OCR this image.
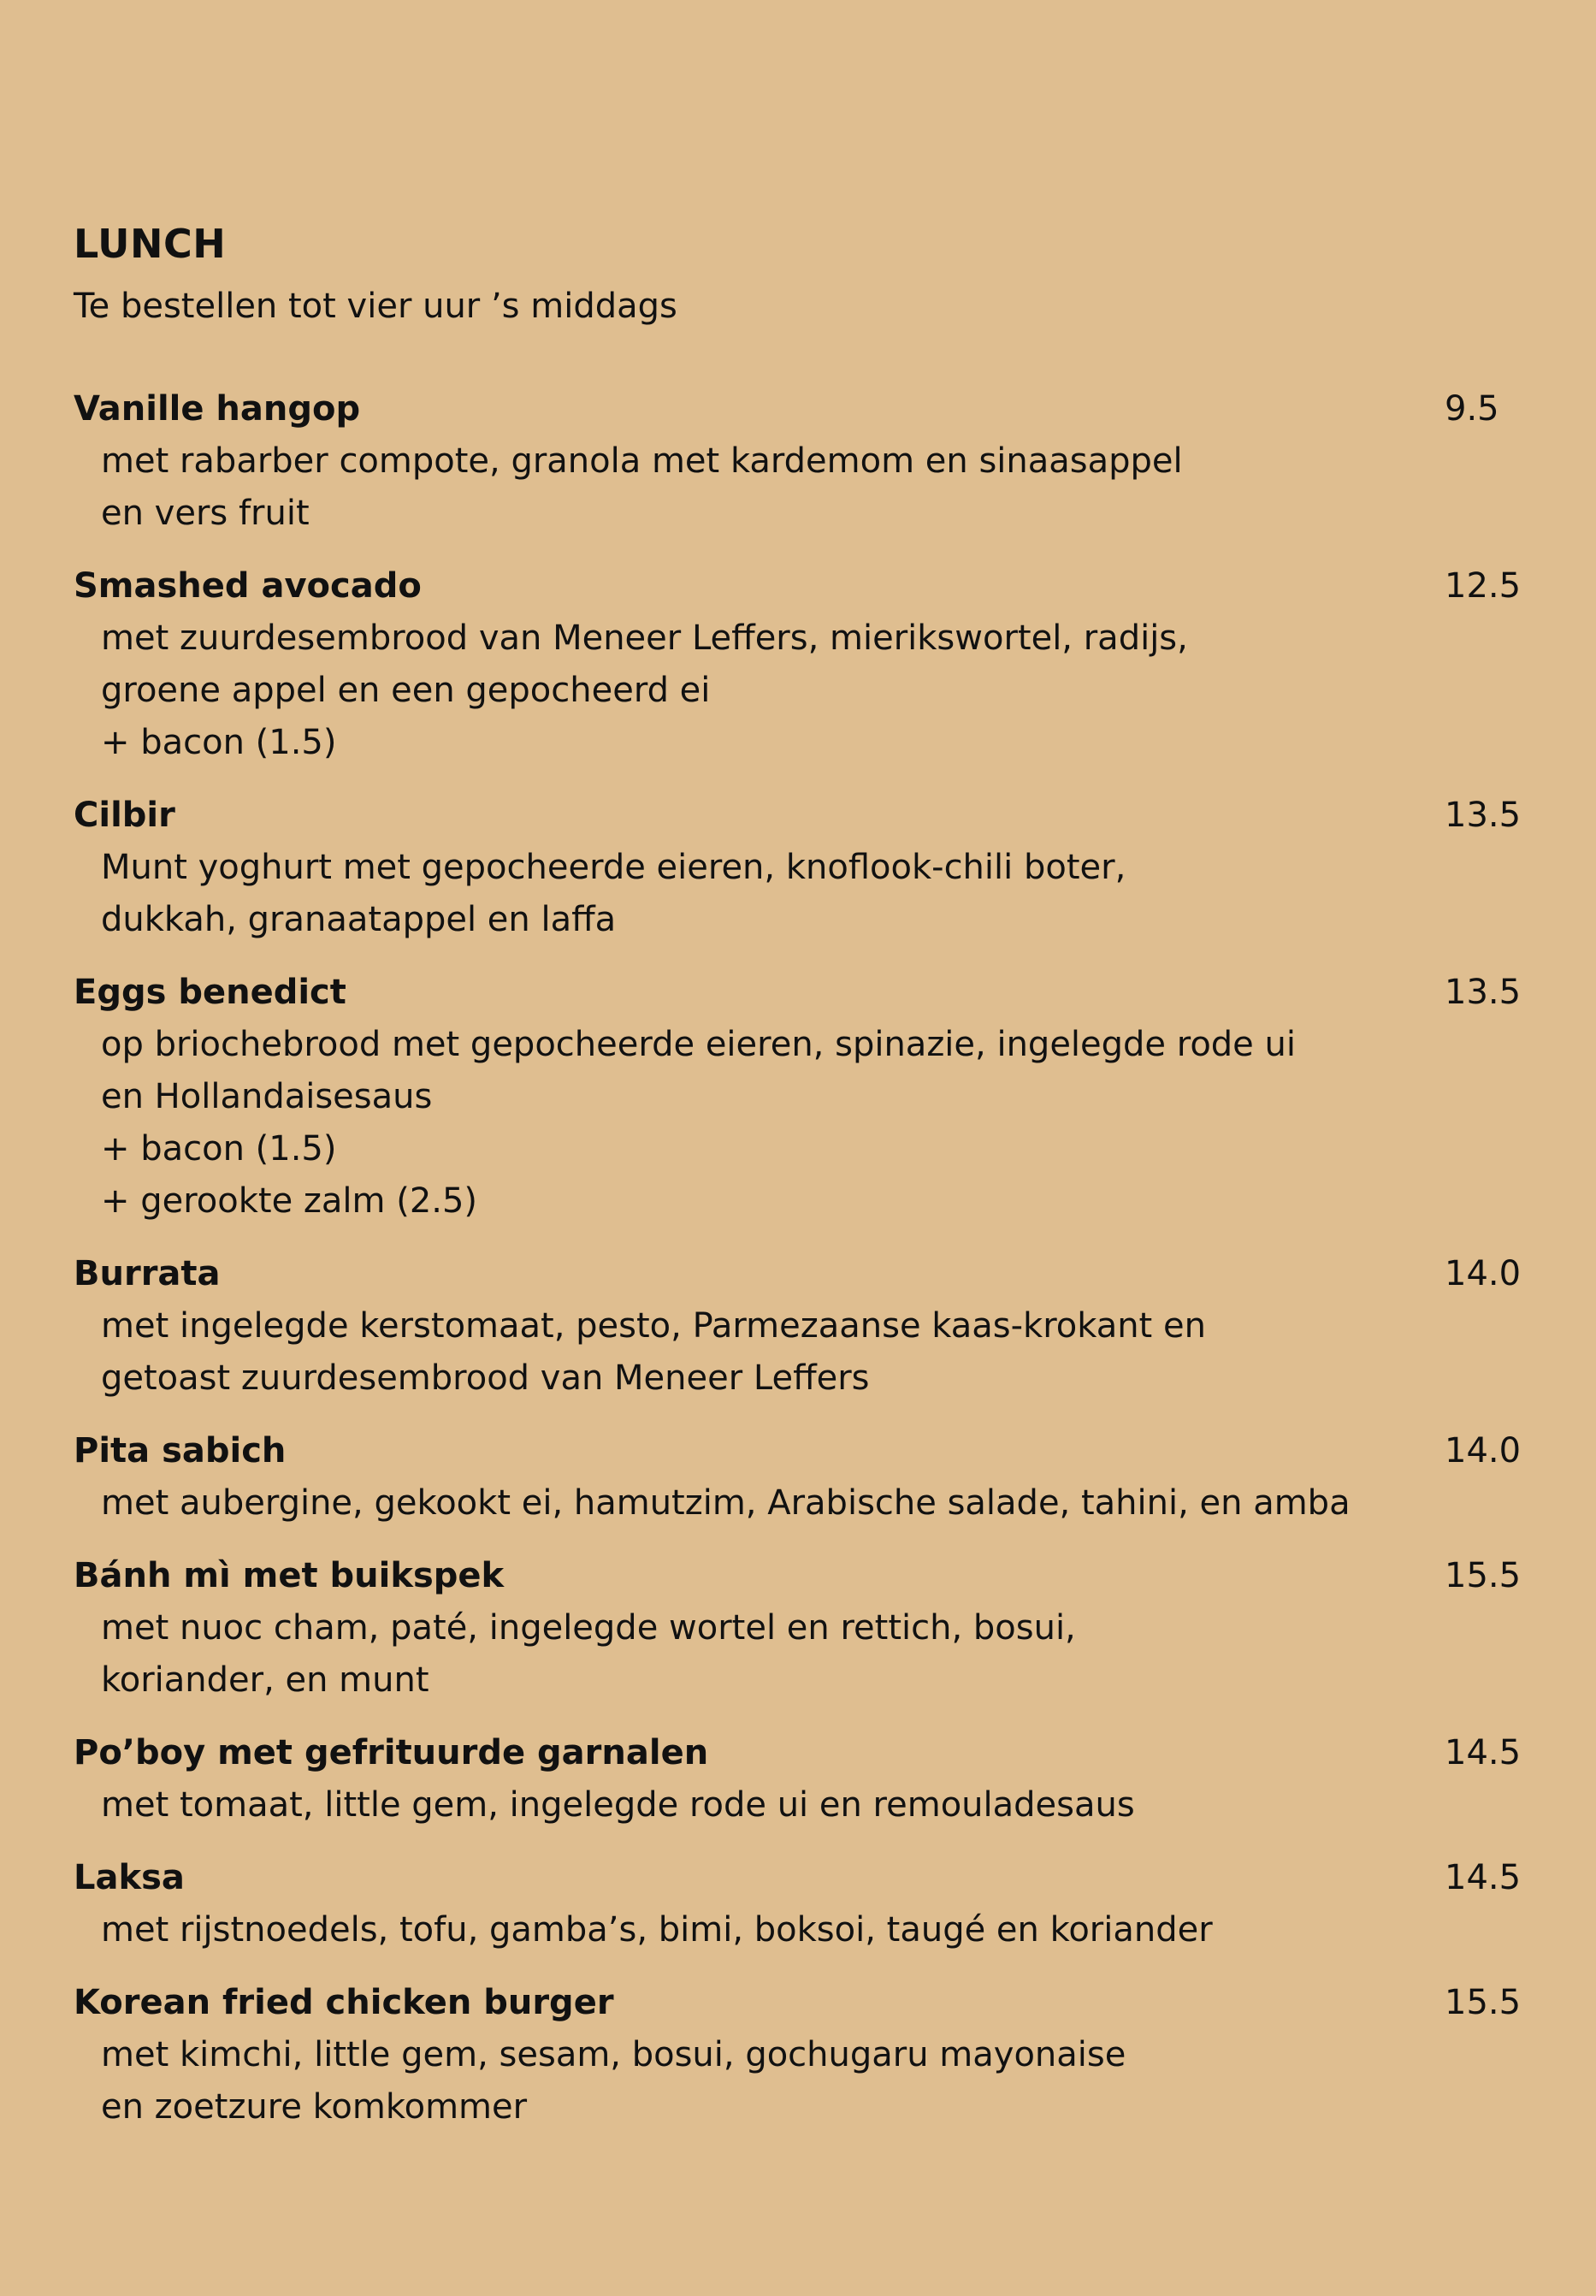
LUNCH
Te bestellen tot vier uur ’s middags
Vanille hangop	9.5
met rabarber compote, granola met kardemom en sinaasappel
en vers fruit
Smashed avocado	12.5
met zuurdesembrood van Meneer Leffers, mierikswortel, radijs,
groene appel en een gepocheerd ei
+ bacon (1.5)
Cilbir	13.5
Munt yoghurt met gepocheerde eieren, knoflook-chili boter,
dukkah, granaatappel en laffa
Eggs benedict	13.5
op briochebrood met gepocheerde eieren, spinazie, ingelegde rode ui
en Hollandaisesaus
+ bacon (1.5)
+ gerookte zalm (2.5)
Burrata	14.0
met ingelegde kerstomaat, pesto, Parmezaanse kaas-krokant en
getoast zuurdesembrood van Meneer Leffers
Pita sabich	14.0
met aubergine, gekookt ei, hamutzim, Arabische salade, tahini, en amba
Bánh mì met buikspek	15.5
met nuoc cham, paté, ingelegde wortel en rettich, bosui,
koriander, en munt
Po’boy met gefrituurde garnalen	14.5
met tomaat, little gem, ingelegde rode ui en remouladesaus
Laksa	14.5
met rijstnoedels, tofu, gamba’s, bimi, boksoi, taugé en koriander
Korean fried chicken burger	15.5
met kimchi, little gem, sesam, bosui, gochugaru mayonaise
en zoetzure komkommer
